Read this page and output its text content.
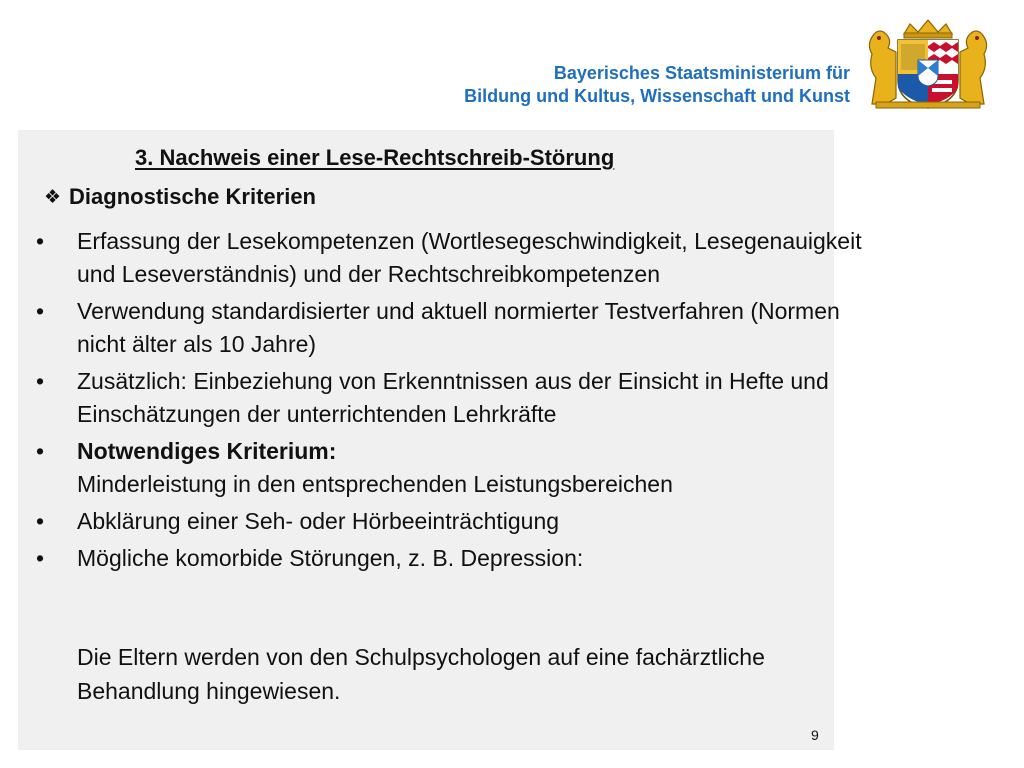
Bayerisches Staatsministerium für
Bildung und Kultus, Wissenschaft und Kunst
3. Nachweis einer Lese-Rechtschreib-Störung
❖ Diagnostische Kriterien
•	Erfassung der Lesekompetenzen (Wortlesegeschwindigkeit, Lesegenauigkeit und Leseverständnis) und der Rechtschreibkompetenzen
•	Verwendung standardisierter und aktuell normierter Testverfahren (Normen nicht älter als 10 Jahre)
•	Zusätzlich: Einbeziehung von Erkenntnissen aus der Einsicht in Hefte und Einschätzungen der unterrichtenden Lehrkräfte
•	Notwendiges Kriterium:
Minderleistung in den entsprechenden Leistungsbereichen
•	Abklärung einer Seh- oder Hörbeeinträchtigung
•	Mögliche komorbide Störungen, z. B. Depression:
Die Eltern werden von den Schulpsychologen auf eine fachärztliche Behandlung hingewiesen.
9
